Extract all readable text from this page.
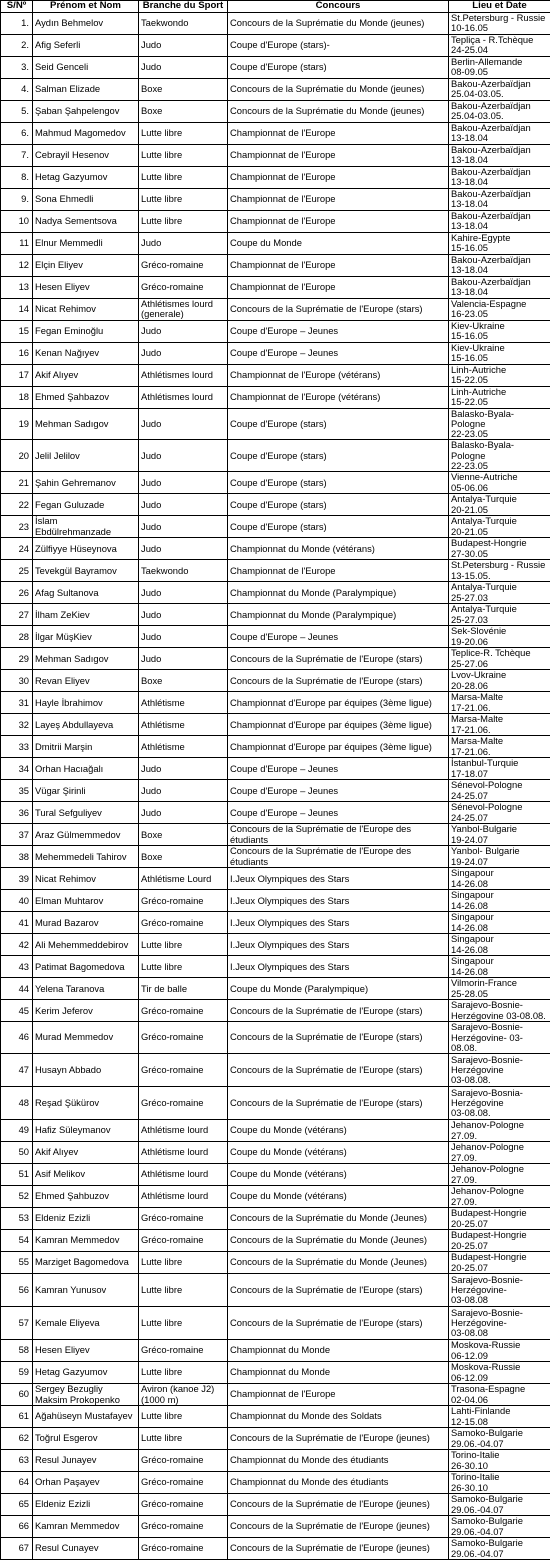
S/Nº	Prénom et Nom	Branche du Sport	Concours	Lieu et Date
1.	Aydın Behmelov	Taekwondo	Concours de la Suprématie du Monde (jeunes)	St.Petersburg - Russie
10-16.05
2.	Afig Seferli	Judo	Coupe d'Europe (stars)-	Tepliça - R.Tchèque
24-25.04
3.	Seid Genceli	Judo	Coupe d'Europe (stars)	Berlin-Allemande
08-09.05
4.	Salman Elizade	Boxe	Concours de la Suprématie du Monde (jeunes)	Bakou-Azerbaïdjan
25.04-03.05.
5.	Şaban Şahpelengov	Boxe	Concours de la Suprématie du Monde (jeunes)	Bakou-Azerbaïdjan
25.04-03.05.
6.	Mahmud Magomedov	Lutte libre	Championnat de l'Europe	Bakou-Azerbaïdjan
13-18.04
7.	Cebrayil Hesenov	Lutte libre	Championnat de l'Europe	Bakou-Azerbaïdjan
13-18.04
8.	Hetag Gazyumov	Lutte libre	Championnat de l'Europe	Bakou-Azerbaïdjan
13-18.04
9.	Sona Ehmedli	Lutte libre	Championnat de l'Europe	Bakou-Azerbaïdjan
13-18.04
10	Nadya Sementsova	Lutte libre	Championnat de l'Europe	Bakou-Azerbaïdjan
13-18.04
11	Elnur Memmedli	Judo	Coupe du Monde	Kahire-Egypte
15-16.05
12	Elçin Eliyev	Gréco-romaine	Championnat de l'Europe	Bakou-Azerbaïdjan
13-18.04
13	Hesen Eliyev	Gréco-romaine	Championnat de l'Europe	Bakou-Azerbaïdjan
13-18.04
14	Nicat Rehimov	Athlétismes lourd
(generale)	Concours de la Suprématie de l'Europe (stars)	Valencia-Espagne
16-23.05
15	Fegan Eminoğlu	Judo	Coupe d'Europe – Jeunes	Kiev-Ukraine
15-16.05
16	Kenan Nağıyev	Judo	Coupe d'Europe – Jeunes	Kiev-Ukraine
15-16.05
17	Akif Alıyev	Athlétismes lourd	Championnat de l'Europe (vétérans)	Linh-Autriche
15-22.05
18	Ehmed Şahbazov	Athlétismes lourd	Championnat de l'Europe (vétérans)	Linh-Autriche
15-22.05
19	Mehman Sadıgov	Judo	Coupe d'Europe (stars)	Balasko-Byala-Pologne
22-23.05
20	Jelil Jelilov	Judo	Coupe d'Europe (stars)	Balasko-Byala-Pologne
22-23.05
21	Şahin Gehremanov	Judo	Coupe d'Europe (stars)	Vienne-Autriche
05-06.06
22	Fegan Guluzade	Judo	Coupe d'Europe (stars)	Antalya-Turquie
20-21.05
23	İslam Ebdülrehmanzade	Judo	Coupe d'Europe (stars)	Antalya-Turquie
20-21.05
24	Zülfiyye Hüseynova	Judo	Championnat du Monde (vétérans)	Budapest-Hongrie
27-30.05
25	Tevekgül Bayramov	Taekwondo	Championnat de l'Europe	St.Petersburg - Russie
13-15.05.
26	Afag Sultanova	Judo	Championnat du Monde (Paralympique)	Antalya-Turquie
25-27.03
27	İlham ZeKiev	Judo	Championnat du Monde (Paralympique)	Antalya-Turquie
25-27.03
28	İlgar MüşKiev	Judo	Coupe d'Europe – Jeunes	Sek-Slovénie
19-20.06
29	Mehman Sadıgov	Judo	Concours de la Suprématie de l'Europe (stars)	Teplice-R. Tchèque
25-27.06
30	Revan Eliyev	Boxe	Concours de la Suprématie de l'Europe (stars)	Lvov-Ukraine
20-28.06
31	Hayle İbrahimov	Athlétisme	Championnat d'Europe par équipes (3ème ligue)	Marsa-Malte
17-21.06.
32	Layeş Abdullayeva	Athlétisme	Championnat d'Europe par équipes (3ème ligue)	Marsa-Malte
17-21.06.
33	Dmitrii Marşin	Athlétisme	Championnat d'Europe par équipes (3ème ligue)	Marsa-Malte
17-21.06.
34	Orhan Hacıağalı	Judo	Coupe d'Europe – Jeunes	İstanbul-Turquie
17-18.07
35	Vügar Şirinli	Judo	Coupe d'Europe – Jeunes	Sénevol-Pologne
24-25.07
36	Tural Sefguliyev	Judo	Coupe d'Europe – Jeunes	Sénevol-Pologne
24-25.07
37	Araz Gülmemmedov	Boxe	Concours de la Suprématie de l'Europe des étudiants	Yanbol-Bulgarie
19-24.07
38	Mehemmedeli Tahirov	Boxe	Concours de la Suprématie de l'Europe des étudiants	Yanbol- Bulgarie
19-24.07
39	Nicat Rehimov	Athlétisme Lourd	I.Jeux Olympiques des Stars	Singapour
14-26.08
40	Elman Muhtarov	Gréco-romaine	I.Jeux Olympiques des Stars	Singapour
14-26.08
41	Murad Bazarov	Gréco-romaine	I.Jeux Olympiques des Stars	Singapour
14-26.08
42	Ali Mehemmeddebirov	Lutte libre	I.Jeux Olympiques des Stars	Singapour
14-26.08
43	Patimat Bagomedova	Lutte libre	I.Jeux Olympiques des Stars	Singapour
14-26.08
44	Yelena Taranova	Tir de balle	Coupe du Monde (Paralympique)	Vilmorin-France
25-28.05
45	Kerim Jeferov	Gréco-romaine	Concours de la Suprématie de l'Europe (stars)	Sarajevo-Bosnie-
Herzégovine 03-08.08.
46	Murad Memmedov	Gréco-romaine	Concours de la Suprématie de l'Europe (stars)	Sarajevo-Bosnie-
Herzégovine- 03-08.08.
47	Husayn Abbado	Gréco-romaine	Concours de la Suprématie de l'Europe (stars)	Sarajevo-Bosnie-
Herzégovine
03-08.08.
48	Reşad Şükürov	Gréco-romaine	Concours de la Suprématie de l'Europe (stars)	Sarajevo-Bosnia-
Herzégovine
03-08.08.
49	Hafiz Süleymanov	Athlétisme lourd	Coupe du Monde (vétérans)	Jehanov-Pologne
27.09.
50	Akif Alıyev	Athlétisme lourd	Coupe du Monde (vétérans)	Jehanov-Pologne
27.09.
51	Asif Melikov	Athlétisme lourd	Coupe du Monde (vétérans)	Jehanov-Pologne
27.09.
52	Ehmed Şahbuzov	Athlétisme lourd	Coupe du Monde (vétérans)	Jehanov-Pologne
27.09.
53	Eldeniz Ezizli	Gréco-romaine	Concours de la Suprématie du Monde (Jeunes)	Budapest-Hongrie
20-25.07
54	Kamran Memmedov	Gréco-romaine	Concours de la Suprématie du Monde (Jeunes)	Budapest-Hongrie
20-25.07
55	Marziget Bagomedova	Lutte libre	Concours de la Suprématie du Monde (Jeunes)	Budapest-Hongrie
20-25.07
56	Kamran Yunusov	Lutte libre	Concours de la Suprématie de l'Europe (stars)	Sarajevo-Bosnie-
Herzégovine-
03-08.08
57	Kemale Eliyeva	Lutte libre	Concours de la Suprématie de l'Europe (stars)	Sarajevo-Bosnie-
Herzégovine-
03-08.08
58	Hesen Eliyev	Gréco-romaine	Championnat du Monde	Moskova-Russie
06-12.09
59	Hetag Gazyumov	Lutte libre	Championnat du Monde	Moskova-Russie
06-12.09
60	Sergey Bezugliy
Maksim Prokopenko	Aviron (kanoe J2)
(1000 m)	Championnat de l'Europe	Trasona-Espagne
02-04.06
61	Ağahüseyn Mustafayev	Lutte libre	Championnat du Monde des Soldats	Lahti-Finlande
12-15.08
62	Toğrul Esgerov	Lutte libre	Concours de la Suprématie de l'Europe (jeunes)	Samoko-Bulgarie
29.06.-04.07
63	Resul Junayev	Gréco-romaine	Championnat du Monde des étudiants	Torino-Italie
26-30.10
64	Orhan Paşayev	Gréco-romaine	Championnat du Monde des étudiants	Torino-Italie
26-30.10
65	Eldeniz Ezizli	Gréco-romaine	Concours de la Suprématie de l'Europe (jeunes)	Samoko-Bulgarie
29.06.-04.07
66	Kamran Memmedov	Gréco-romaine	Concours de la Suprématie de l'Europe (jeunes)	Samoko-Bulgarie
29.06.-04.07
67	Resul Cunayev	Gréco-romaine	Concours de la Suprématie de l'Europe (jeunes)	Samoko-Bulgarie
29.06.-04.07
